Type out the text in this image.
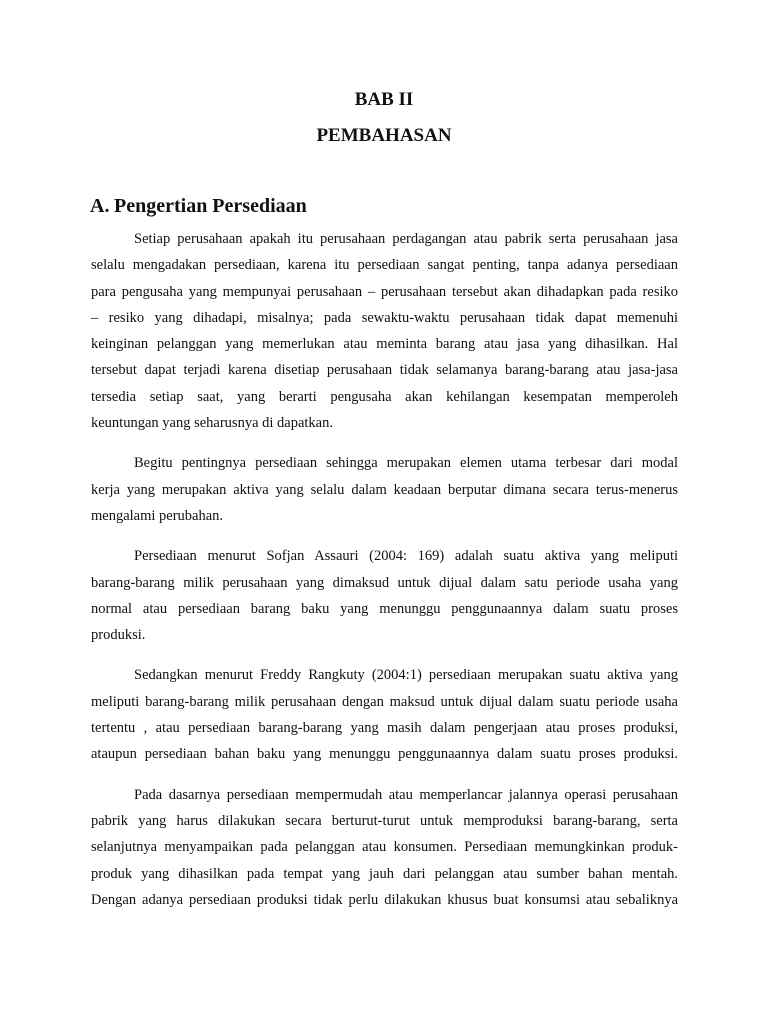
BAB II
PEMBAHASAN
A. Pengertian Persediaan
Setiap perusahaan apakah itu perusahaan perdagangan atau pabrik serta perusahaan jasa
selalu mengadakan persediaan, karena itu persediaan sangat penting, tanpa adanya persediaan
para pengusaha yang mempunyai perusahaan – perusahaan tersebut akan dihadapkan pada resiko
– resiko yang dihadapi, misalnya; pada sewaktu-waktu perusahaan tidak dapat memenuhi
keinginan pelanggan yang memerlukan atau meminta barang atau jasa yang dihasilkan. Hal
tersebut dapat terjadi karena disetiap perusahaan tidak selamanya barang-barang atau jasa-jasa
tersedia setiap saat, yang berarti pengusaha akan kehilangan kesempatan memperoleh
keuntungan yang seharusnya di dapatkan.
Begitu pentingnya persediaan sehingga merupakan elemen utama terbesar dari modal
kerja yang merupakan aktiva yang selalu dalam keadaan berputar dimana secara terus-menerus
mengalami perubahan.
Persediaan menurut Sofjan Assauri (2004: 169) adalah suatu aktiva yang meliputi
barang-barang milik perusahaan yang dimaksud untuk dijual dalam satu periode usaha yang
normal atau persediaan barang baku yang menunggu penggunaannya dalam suatu proses
produksi.
Sedangkan menurut Freddy Rangkuty (2004:1) persediaan merupakan suatu aktiva yang
meliputi barang-barang milik perusahaan dengan maksud untuk dijual dalam suatu periode usaha
tertentu , atau persediaan barang-barang yang masih dalam pengerjaan atau proses produksi,
ataupun persediaan bahan baku yang menunggu penggunaannya dalam suatu proses produksi.
Pada dasarnya persediaan mempermudah atau memperlancar jalannya operasi perusahaan
pabrik yang harus dilakukan secara berturut-turut untuk memproduksi barang-barang, serta
selanjutnya menyampaikan pada pelanggan atau konsumen. Persediaan memungkinkan produk-
produk yang dihasilkan pada tempat yang jauh dari pelanggan atau sumber bahan mentah.
Dengan adanya persediaan produksi tidak perlu dilakukan khusus buat konsumsi atau sebaliknya
